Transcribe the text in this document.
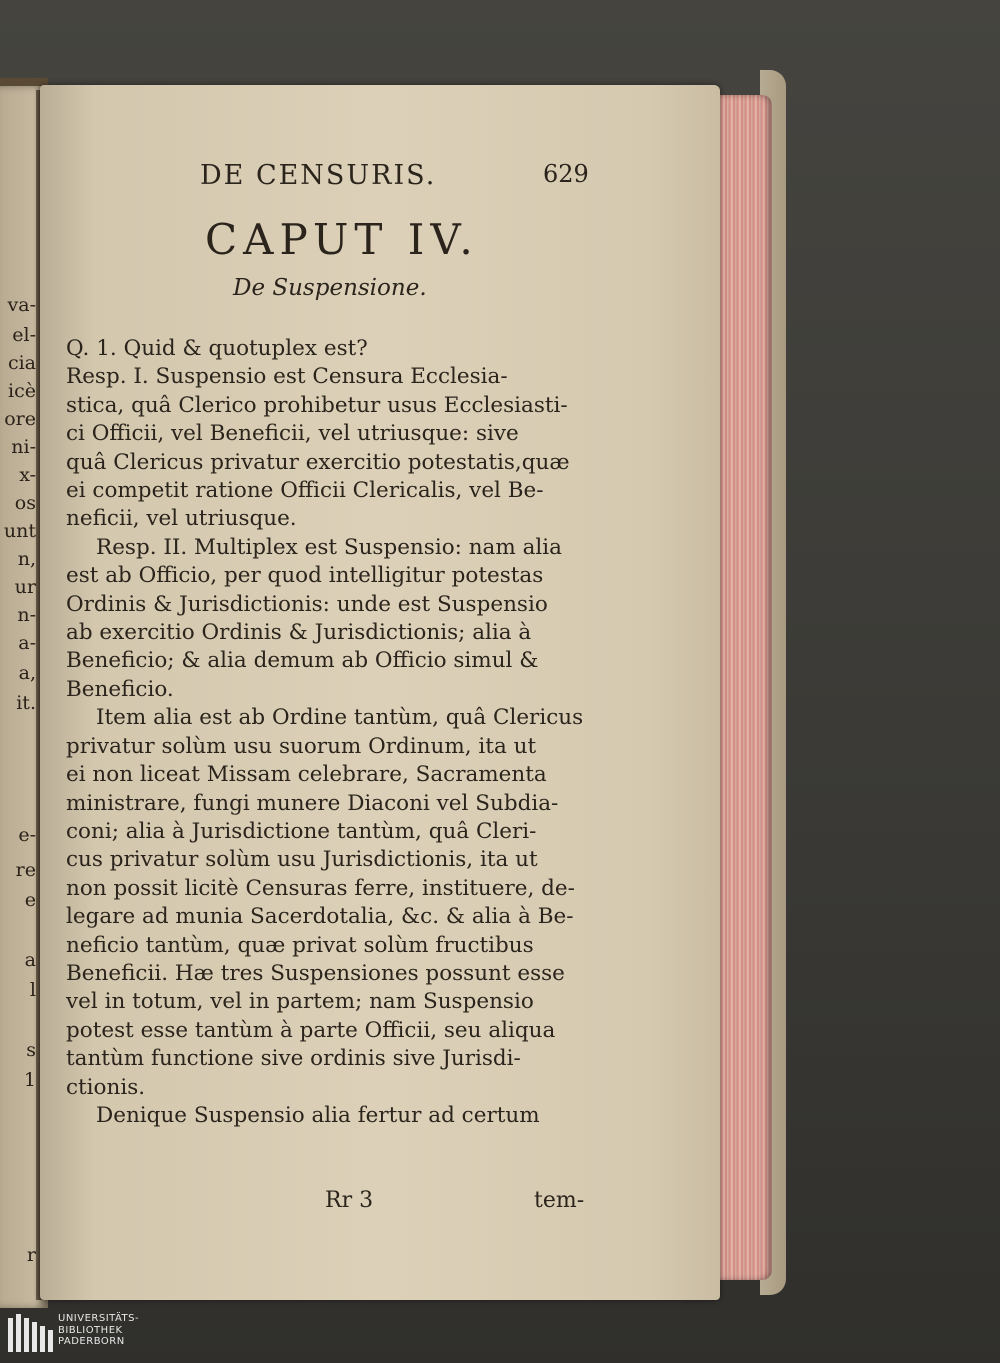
va-
el-
cia
icè
ore
ni-
x-
os
unt
n,
ur
n-
a-
a,
it.
e-
re
e
a
l
s
1
r
DE CENSURIS.	629
CAPUT IV.
De Suspensione.
Q. 1. Quid & quotuplex est?
Resp. I. Suspensio est Censura Ecclesia-
stica, quâ Clerico prohibetur usus Ecclesiasti-
ci Officii, vel Beneficii, vel utriusque: sive
quâ Clericus privatur exercitio potestatis,quæ
ei competit ratione Officii Clericalis, vel Be-
neficii, vel utriusque.
Resp. II. Multiplex est Suspensio: nam alia
est ab Officio, per quod intelligitur potestas
Ordinis & Jurisdictionis: unde est Suspensio
ab exercitio Ordinis & Jurisdictionis; alia à
Beneficio; & alia demum ab Officio simul &
Beneficio.
Item alia est ab Ordine tantùm, quâ Clericus
privatur solùm usu suorum Ordinum, ita ut
ei non liceat Missam celebrare, Sacramenta
ministrare, fungi munere Diaconi vel Subdia-
coni; alia à Jurisdictione tantùm, quâ Cleri-
cus privatur solùm usu Jurisdictionis, ita ut
non possit licitè Censuras ferre, instituere, de-
legare ad munia Sacerdotalia, &c. & alia à Be-
neficio tantùm, quæ privat solùm fructibus
Beneficii. Hæ tres Suspensiones possunt esse
vel in totum, vel in partem; nam Suspensio
potest esse tantùm à parte Officii, seu aliqua
tantùm functione sive ordinis sive Jurisdi-
ctionis.
Denique Suspensio alia fertur ad certum
Rr 3	tem-
UNIVERSITÄTS-
BIBLIOTHEK
PADERBORN
